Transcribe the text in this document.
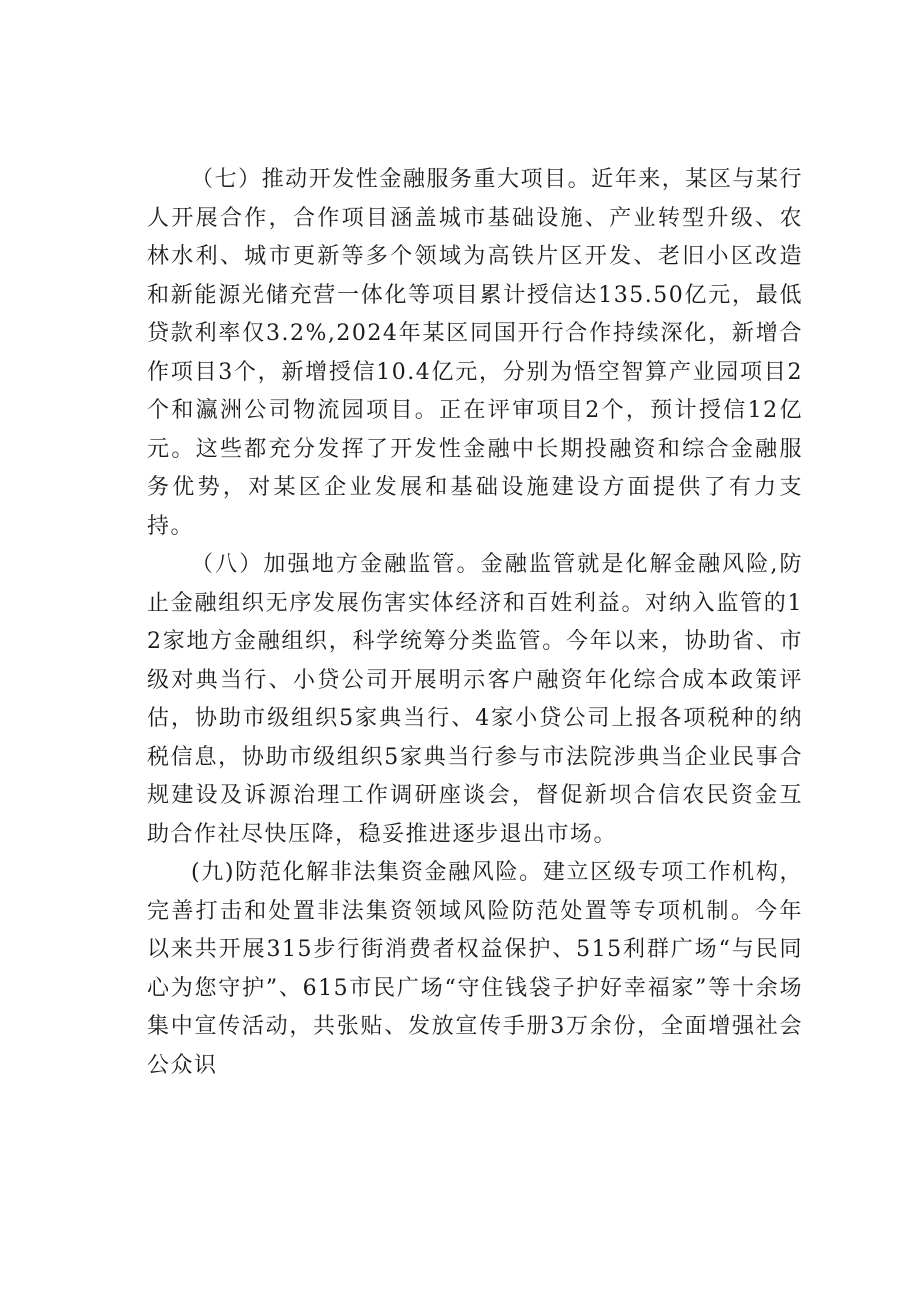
（七）推动开发性金融服务重大项目。近年来，某区与某行人开展合作，合作项目涵盖城市基础设施、产业转型升级、农林水利、城市更新等多个领域为高铁片区开发、老旧小区改造和新能源光储充营一体化等项目累计授信达135.50亿元，最低贷款利率仅3.2%,2024年某区同国开行合作持续深化，新增合作项目3个，新增授信10.4亿元，分别为悟空智算产业园项目2个和瀛洲公司物流园项目。正在评审项目2个，预计授信12亿元。这些都充分发挥了开发性金融中长期投融资和综合金融服务优势，对某区企业发展和基础设施建设方面提供了有力支持。

（八）加强地方金融监管。金融监管就是化解金融风险,防止金融组织无序发展伤害实体经济和百姓利益。对纳入监管的12家地方金融组织，科学统筹分类监管。今年以来，协助省、市级对典当行、小贷公司开展明示客户融资年化综合成本政策评估，协助市级组织5家典当行、4家小贷公司上报各项税种的纳税信息，协助市级组织5家典当行参与市法院涉典当企业民事合规建设及诉源治理工作调研座谈会，督促新坝合信农民资金互助合作社尽快压降，稳妥推进逐步退出市场。

(九)防范化解非法集资金融风险。建立区级专项工作机构，完善打击和处置非法集资领域风险防范处置等专项机制。今年以来共开展315步行街消费者权益保护、515利群广场“与民同心为您守护”、615市民广场“守住钱袋子护好幸福家”等十余场集中宣传活动，共张贴、发放宣传手册3万余份，全面增强社会公众识
